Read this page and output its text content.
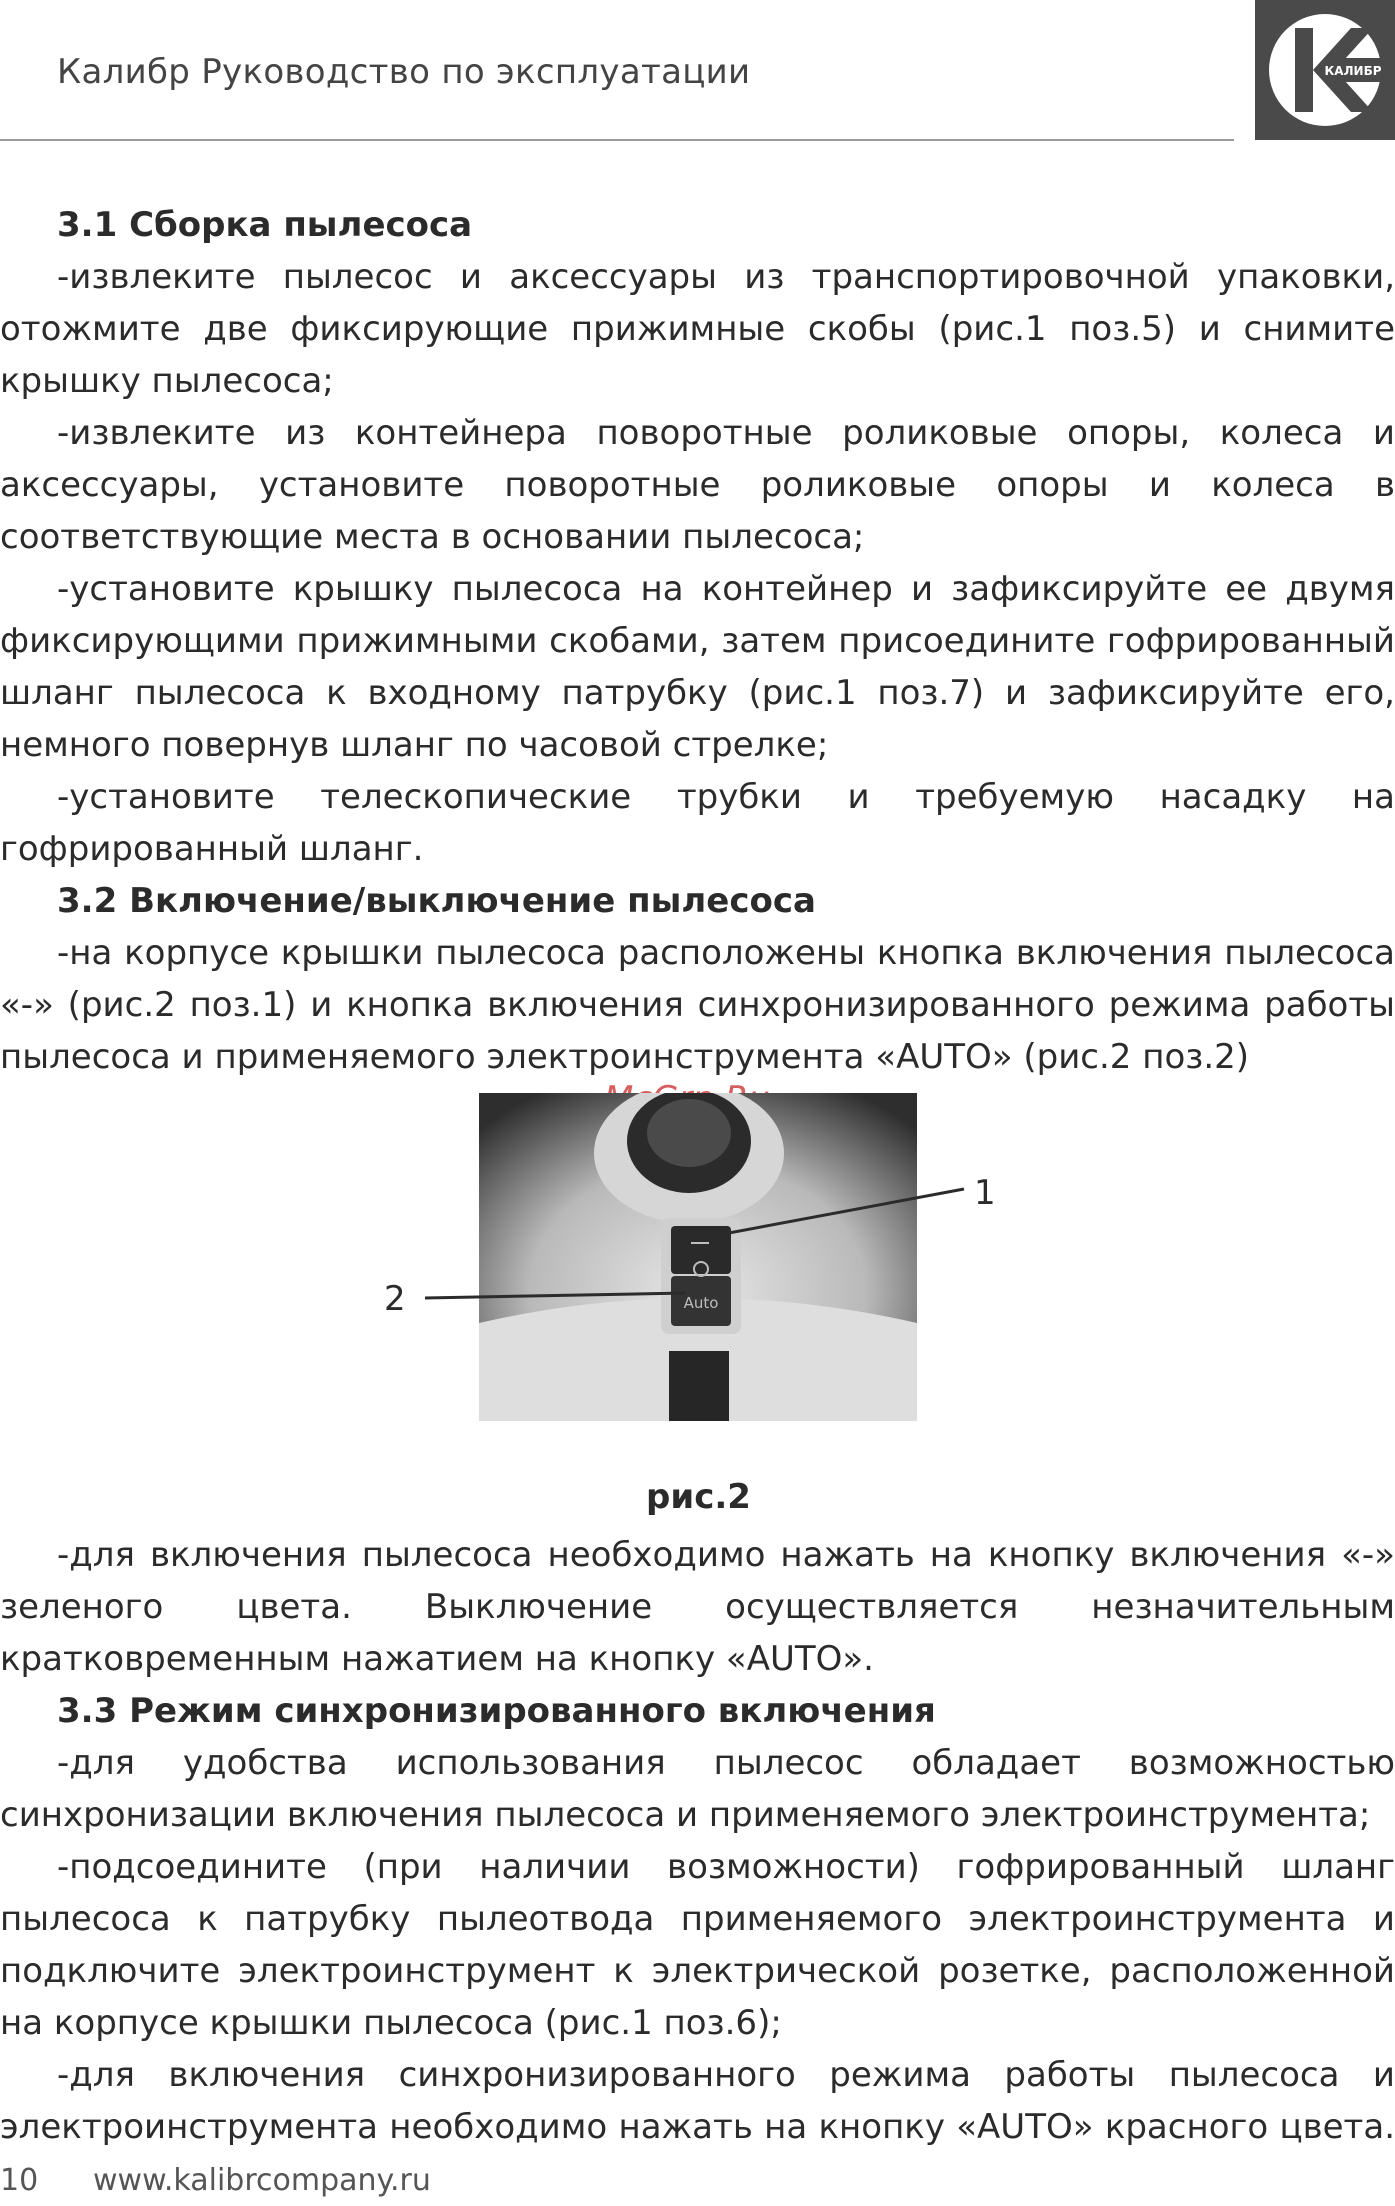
Калибр Руководство по эксплуатации	КАЛИБР
3.1 Сборка пылесоса

-извлеките пылесос и аксессуары из транспортировочной упаковки, отожмите две фиксирующие прижимные скобы (рис.1 поз.5) и снимите крышку пылесоса;

-извлеките из контейнера поворотные роликовые опоры, колеса и аксессуары, установите поворотные роликовые опоры и колеса в соответствующие места в основании пылесоса;

-установите крышку пылесоса на контейнер и зафиксируйте ее двумя фиксирующими прижимными скобами, затем присоедините гофрированный шланг пылесоса к входному патрубку (рис.1 поз.7) и зафиксируйте его, немного повернув шланг по часовой стрелке;

-установите телескопические трубки и требуемую насадку на гофрированный шланг.

3.2 Включение/выключение пылесоса

-на корпусе крышки пылесоса расположены кнопка включения пылесоса «-» (рис.2 поз.1) и кнопка включения синхронизированного режима работы пылесоса и применяемого электроинструмента «AUTO» (рис.2 поз.2)

Auto
1
2
рис.2

-для включения пылесоса необходимо нажать на кнопку включения «-» зеленого цвета. Выключение осуществляется незначительным кратковременным нажатием на кнопку «AUTO».

3.3 Режим синхронизированного включения

-для удобства использования пылесос обладает возможностью синхронизации включения пылесоса и применяемого электроинструмента;

-подсоедините (при наличии возможности) гофрированный шланг пылесоса к патрубку пылеотвода применяемого электроинструмента и подключите электроинструмент к электрической розетке, расположенной на корпусе крышки пылесоса (рис.1 поз.6);

-для включения синхронизированного режима работы пылесоса и электроинструмента необходимо нажать на кнопку «AUTO» красного цвета.

10 www.kalibrcompany.ru
